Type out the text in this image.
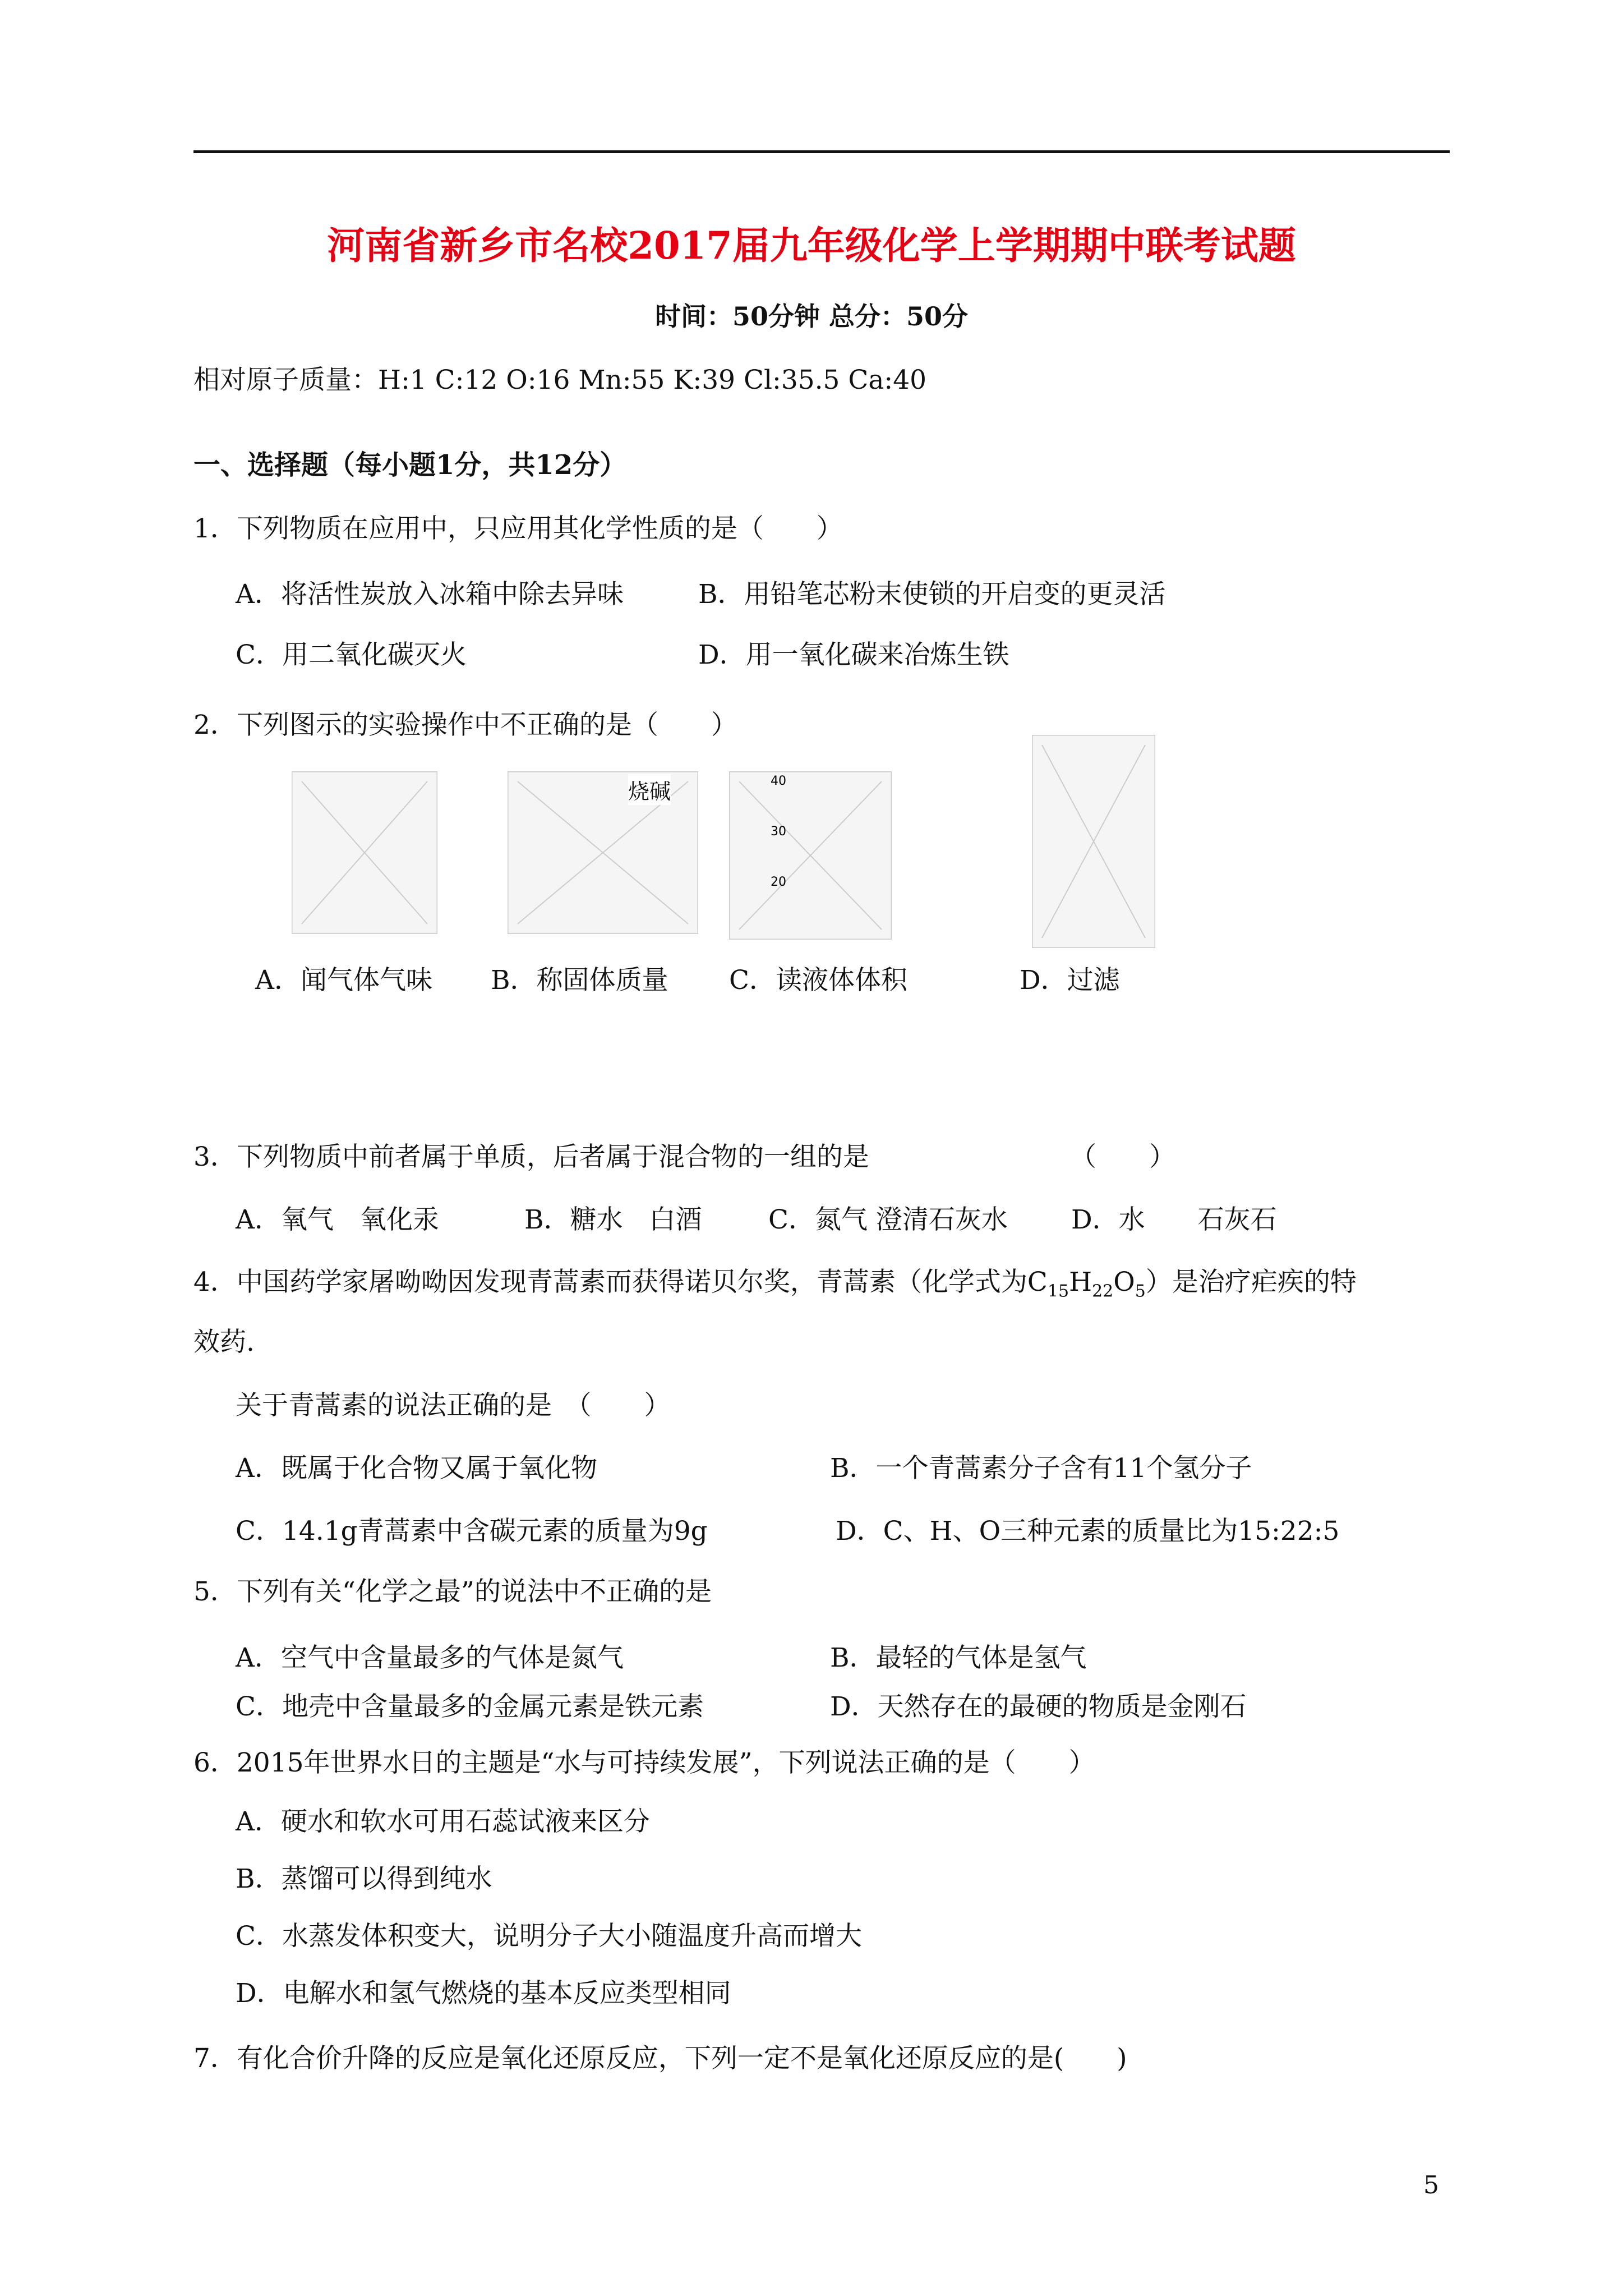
河南省新乡市名校2017届九年级化学上学期期中联考试题
时间：50分钟 总分：50分
相对原子质量：H:1 C:12 O:16 Mn:55 K:39 Cl:35.5 Ca:40
一、选择题（每小题1分，共12分）
1．下列物质在应用中，只应用其化学性质的是（　　）
A．将活性炭放入冰箱中除去异味	B．用铅笔芯粉末使锁的开启变的更灵活
C．用二氧化碳灭火	D．用一氧化碳来冶炼生铁
2．下列图示的实验操作中不正确的是（　　）
烧碱	40
30
20
A．闻气体气味 B．称固体质量 C．读液体体积	D．过滤
3．下列物质中前者属于单质，后者属于混合物的一组的是	（　　）
A．氧气　氧化汞	B．糖水　白酒	C．氮气 澄清石灰水 D．水　　石灰石
4．中国药学家屠呦呦因发现青蒿素而获得诺贝尔奖，青蒿素（化学式为$C_{15}H_{22}O_5$）是治疗疟疾的特
效药.
关于青蒿素的说法正确的是　（　　）
A．既属于化合物又属于氧化物	B．一个青蒿素分子含有11个氢分子
C．14.1g青蒿素中含碳元素的质量为9g	D．C、H、O三种元素的质量比为15:22:5
5．下列有关“化学之最”的说法中不正确的是
A．空气中含量最多的气体是氮气	B．最轻的气体是氢气
C．地壳中含量最多的金属元素是铁元素	D．天然存在的最硬的物质是金刚石
6．2015年世界水日的主题是“水与可持续发展”，下列说法正确的是（　　）
A．硬水和软水可用石蕊试液来区分
B．蒸馏可以得到纯水
C．水蒸发体积变大，说明分子大小随温度升高而增大
D．电解水和氢气燃烧的基本反应类型相同
7．有化合价升降的反应是氧化还原反应，下列一定不是氧化还原反应的是(　　)
5
